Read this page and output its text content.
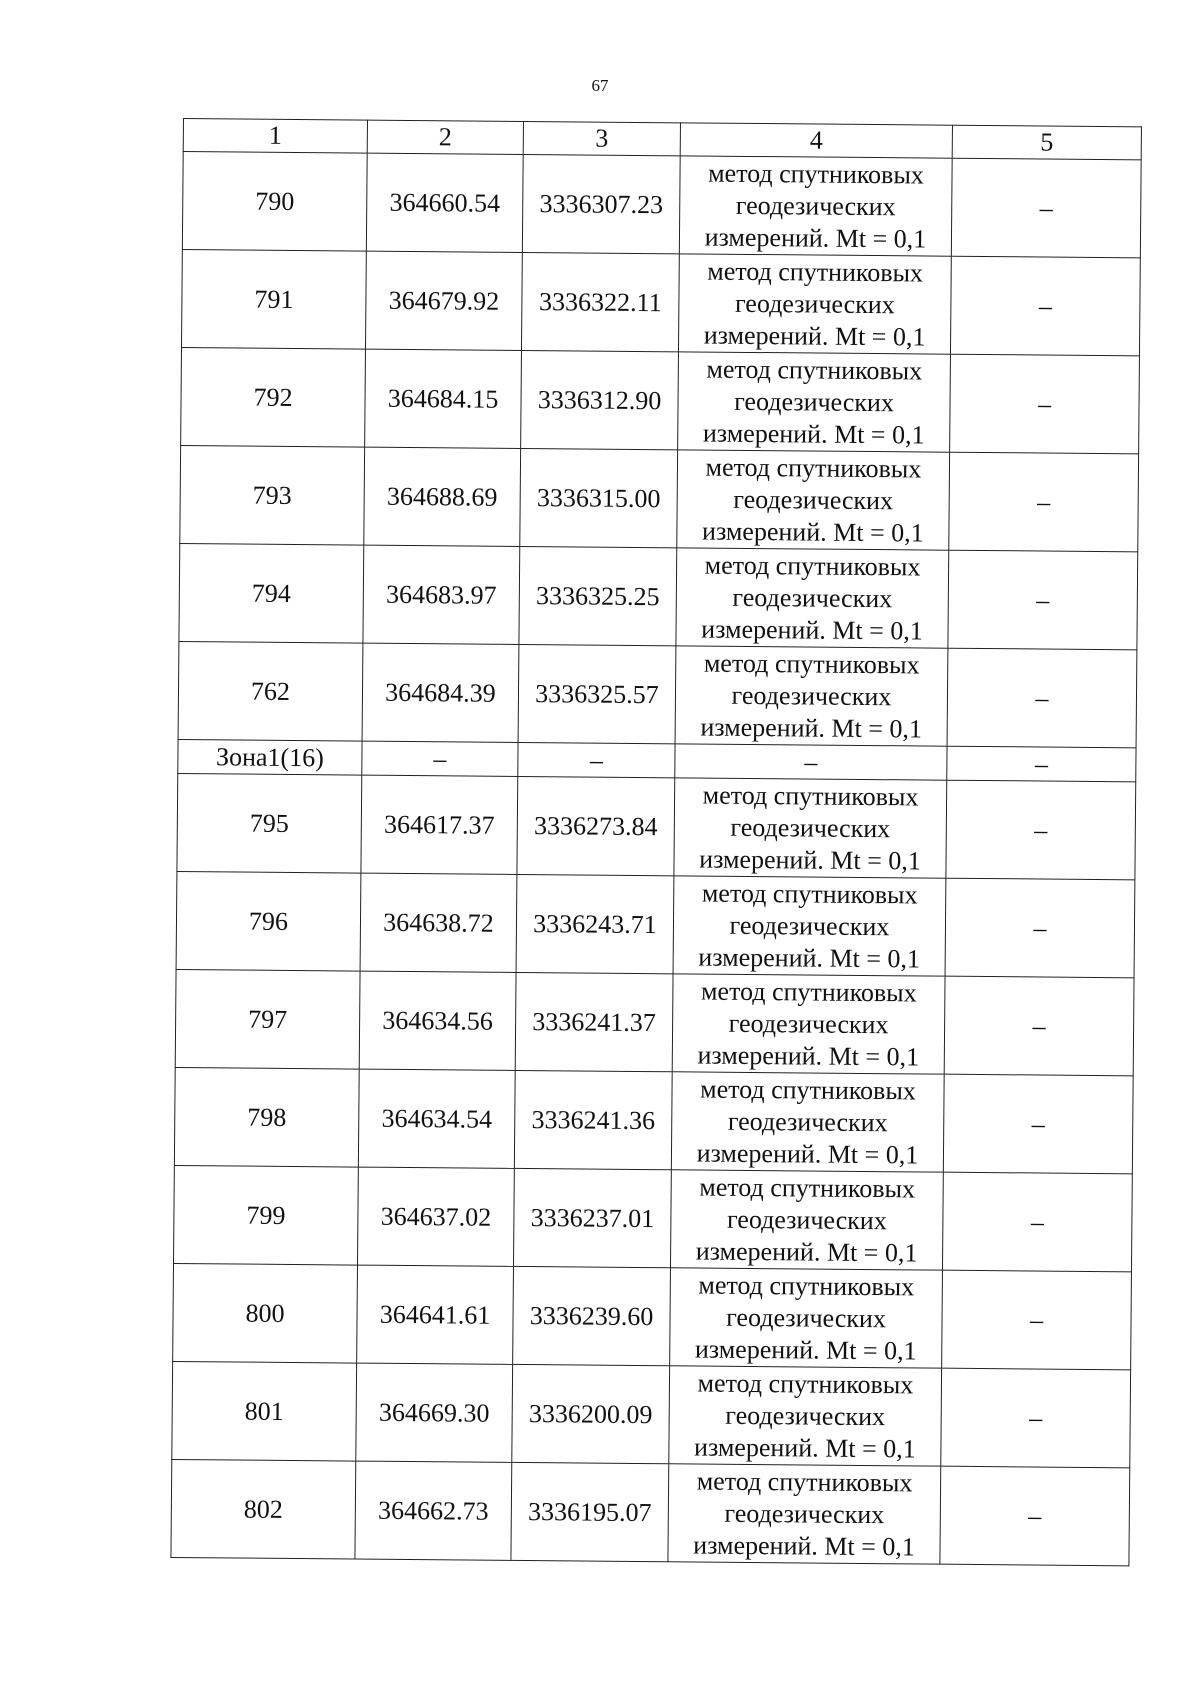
67
1	2	3	4	5
790	364660.54	3336307.23	метод спутниковых
геодезических
измерений. Mt = 0,1	–
791	364679.92	3336322.11	метод спутниковых
геодезических
измерений. Mt = 0,1	–
792	364684.15	3336312.90	метод спутниковых
геодезических
измерений. Mt = 0,1	–
793	364688.69	3336315.00	метод спутниковых
геодезических
измерений. Mt = 0,1	–
794	364683.97	3336325.25	метод спутниковых
геодезических
измерений. Mt = 0,1	–
762	364684.39	3336325.57	метод спутниковых
геодезических
измерений. Mt = 0,1	–
Зона1(16)	–	–	–	–
795	364617.37	3336273.84	метод спутниковых
геодезических
измерений. Mt = 0,1	–
796	364638.72	3336243.71	метод спутниковых
геодезических
измерений. Mt = 0,1	–
797	364634.56	3336241.37	метод спутниковых
геодезических
измерений. Mt = 0,1	–
798	364634.54	3336241.36	метод спутниковых
геодезических
измерений. Mt = 0,1	–
799	364637.02	3336237.01	метод спутниковых
геодезических
измерений. Mt = 0,1	–
800	364641.61	3336239.60	метод спутниковых
геодезических
измерений. Mt = 0,1	–
801	364669.30	3336200.09	метод спутниковых
геодезических
измерений. Mt = 0,1	–
802	364662.73	3336195.07	метод спутниковых
геодезических
измерений. Mt = 0,1	–
